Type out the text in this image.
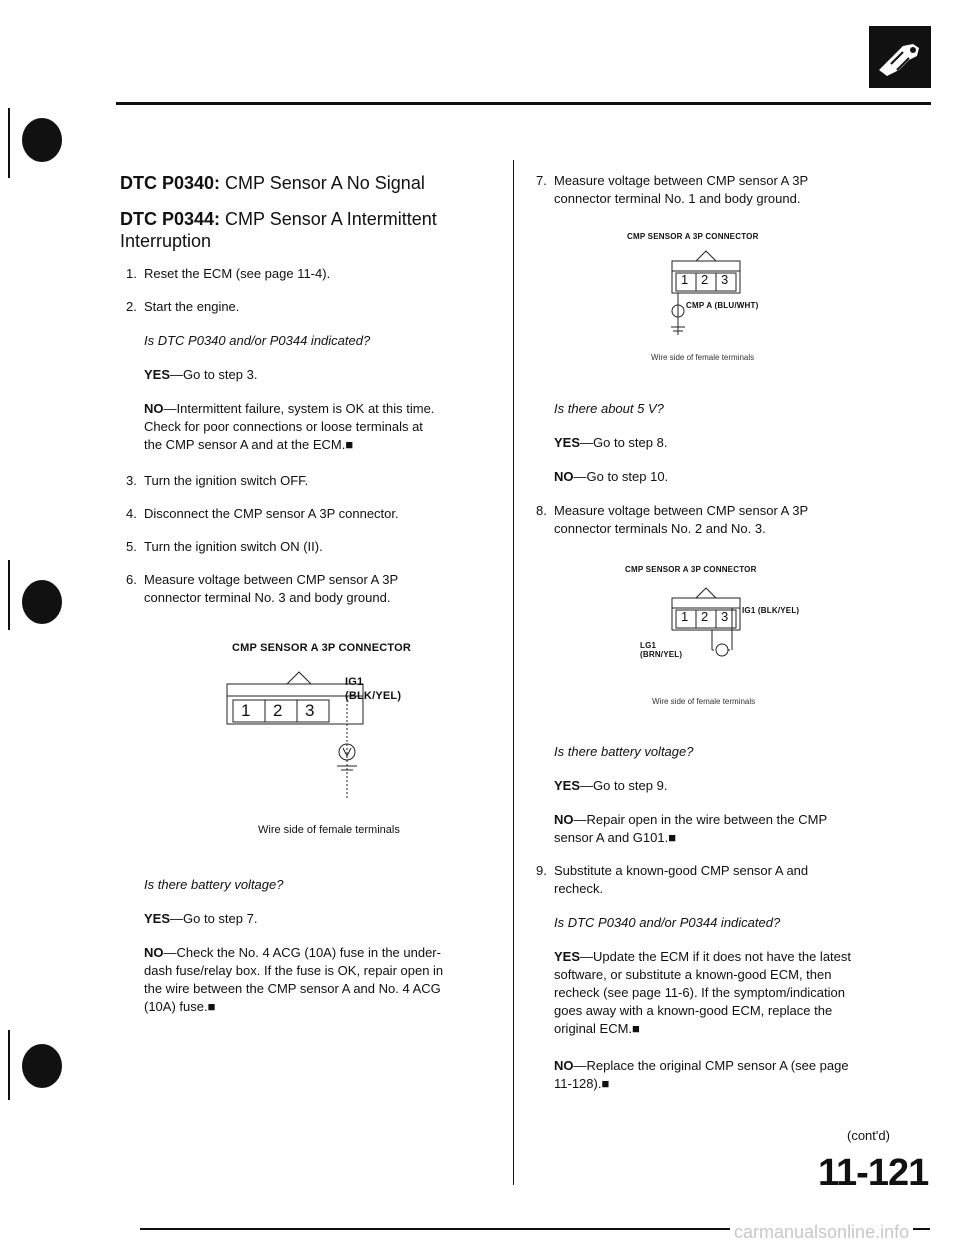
DTC P0340: CMP Sensor A No Signal
DTC P0344: CMP Sensor A Intermittent
Interruption
1. Reset the ECM (see page 11-4).
2. Start the engine.
Is DTC P0340 and/or P0344 indicated?
YES—Go to step 3.
NO—Intermittent failure, system is OK at this time.
Check for poor connections or loose terminals at
the CMP sensor A and at the ECM.■
3. Turn the ignition switch OFF.
4. Disconnect the CMP sensor A 3P connector.
5. Turn the ignition switch ON (II).
6. Measure voltage between CMP sensor A 3P
connector terminal No. 3 and body ground.
CMP SENSOR A 3P CONNECTOR
1 2 3
IG1
(BLK/YEL)
Wire side of female terminals
Is there battery voltage?
YES—Go to step 7.
NO—Check the No. 4 ACG (10A) fuse in the under-
dash fuse/relay box. If the fuse is OK, repair open in
the wire between the CMP sensor A and No. 4 ACG
(10A) fuse.■
7. Measure voltage between CMP sensor A 3P
connector terminal No. 1 and body ground.
CMP SENSOR A 3P CONNECTOR
1 2 3
CMP A (BLU/WHT)
Wire side of female terminals
Is there about 5 V?
YES—Go to step 8.
NO—Go to step 10.
8. Measure voltage between CMP sensor A 3P
connector terminals No. 2 and No. 3.
CMP SENSOR A 3P CONNECTOR
1 2 3 IG1 (BLK/YEL)
LG1
(BRN/YEL)
Wire side of female terminals
Is there battery voltage?
YES—Go to step 9.
NO—Repair open in the wire between the CMP
sensor A and G101.■
9. Substitute a known-good CMP sensor A and
recheck.
Is DTC P0340 and/or P0344 indicated?
YES—Update the ECM if it does not have the latest
software, or substitute a known-good ECM, then
recheck (see page 11-6). If the symptom/indication
goes away with a known-good ECM, replace the
original ECM.■
NO—Replace the original CMP sensor A (see page
11-128).■
(cont'd)
11-121
carmanualsonline.info
